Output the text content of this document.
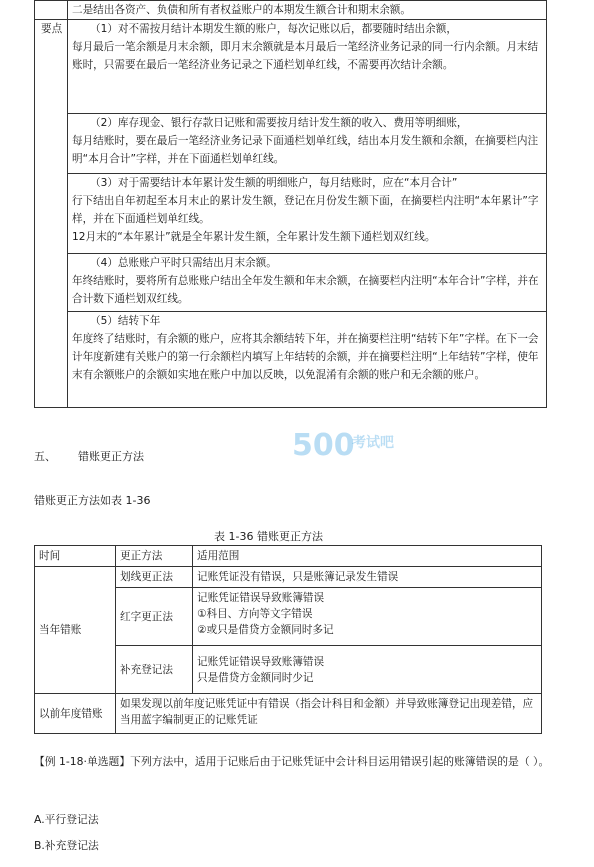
	二是结出各资产、负债和所有者权益账户的本期发生额合计和期末余额。
要点	（1）对不需按月结计本期发生额的账户，每次记账以后，都要随时结出余额，
每月最后一笔余额是月末余额，即月末余额就是本月最后一笔经济业务记录的同一行内余额。月末结账时，只需要在最后一笔经济业务记录之下通栏划单红线，不需要再次结计余额。

	（2）库存现金、银行存款日记账和需要按月结计发生额的收入、费用等明细账，
每月结账时，要在最后一笔经济业务记录下面通栏划单红线，结出本月发生额和余额，在摘要栏内注明“本月合计”字样，并在下面通栏划单红线。

	（3）对于需要结计本年累计发生额的明细账户，每月结账时，应在“本月合计”
行下结出自年初起至本月末止的累计发生额，登记在月份发生额下面，在摘要栏内注明“本年累计”字样，并在下面通栏划单红线。
12月末的“本年累计”就是全年累计发生额，全年累计发生额下通栏划双红线。

	（4）总账账户平时只需结出月末余额。
年终结账时，要将所有总账账户结出全年发生额和年末余额，在摘要栏内注明“本年合计”字样，并在合计数下通栏划双红线。

	（5）结转下年
年度终了结账时，有余额的账户，应将其余额结转下年，并在摘要栏注明“结转下年”字样。在下一会计年度新建有关账户的第一行余额栏内填写上年结转的余额，并在摘要栏注明“上年结转”字样，使年末有余额账户的余额如实地在账户中加以反映，以免混淆有余额的账户和无余额的账户。
500
考试吧
五、 错账更正方法
错账更正方法如表 1-36
表 1-36 错账更正方法
时间	更正方法	适用范围
当年错账	划线更正法	记账凭证没有错误，只是账簿记录发生错误

	红字更正法	记账凭证错误导致账簿错误
①科目、方向等文字错误
②或只是借贷方金额同时多记

	补充登记法	记账凭证错误导致账簿错误
只是借贷方金额同时少记

以前年度错账	如果发现以前年度记账凭证中有错误（指会计科目和金额）并导致账簿登记出现差错，应当用蓝字编制更正的记账凭证	
【例 1-18·单选题】下列方法中，适用于记账后由于记账凭证中会计科目运用错误引起的账簿错误的是（ ）。
A.平行登记法
B.补充登记法
